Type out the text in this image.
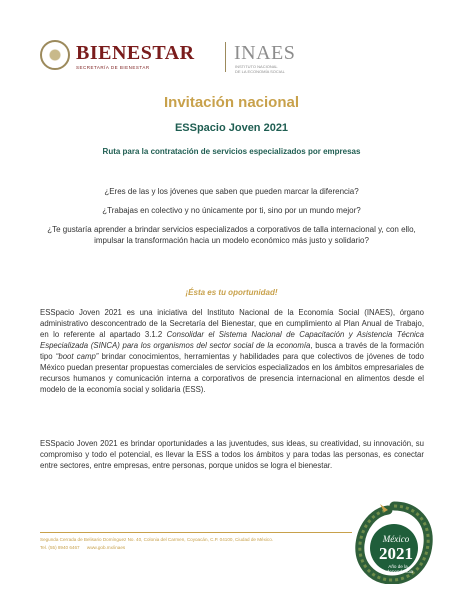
BIENESTAR
SECRETARÍA DE BIENESTAR
INAES
INSTITUTO NACIONAL
DE LA ECONOMÍA SOCIAL
Invitación nacional
ESSpacio Joven 2021
Ruta para la contratación de servicios especializados por empresas

¿Eres de las y los jóvenes que saben que pueden marcar la diferencia?

¿Trabajas en colectivo y no únicamente por ti, sino por un mundo mejor?

¿Te gustaría aprender a brindar servicios especializados a corporativos de talla internacional y, con ello, impulsar la transformación hacia un modelo económico más justo y solidario?

¡Ésta es tu oportunidad!
ESSpacio Joven 2021 es una iniciativa del Instituto Nacional de la Economía Social (INAES), órgano administrativo desconcentrado de la Secretaría del Bienestar, que en cumplimiento al Plan Anual de Trabajo, en lo referente al apartado 3.1.2 Consolidar el Sistema Nacional de Capacitación y Asistencia Técnica Especializada (SINCA) para los organismos del sector social de la economía, busca a través de la formación tipo “boot camp” brindar conocimientos, herramientas y habilidades para que colectivos de jóvenes de todo México puedan presentar propuestas comerciales de servicios especializados en los ámbitos empresariales de recursos humanos y comunicación interna a corporativos de presencia internacional en alimentos desde el modelo de la economía social y solidaria (ESS).
ESSpacio Joven 2021 es brindar oportunidades a las juventudes, sus ideas, su creatividad, su innovación, su compromiso y todo el potencial, es llevar la ESS a todos los ámbitos y para todas las personas, es conectar entre sectores, entre empresas, entre personas, porque unidos se logra el bienestar.
Segunda Cerrada de Belisario Domínguez No. 40, Colonia del Carmen, Coyoacán, C.P. 04100, Ciudad de México.
Tel. (55) 8940 6467 www.gob.mx/inaes
México
2021
Año de la
Independencia
